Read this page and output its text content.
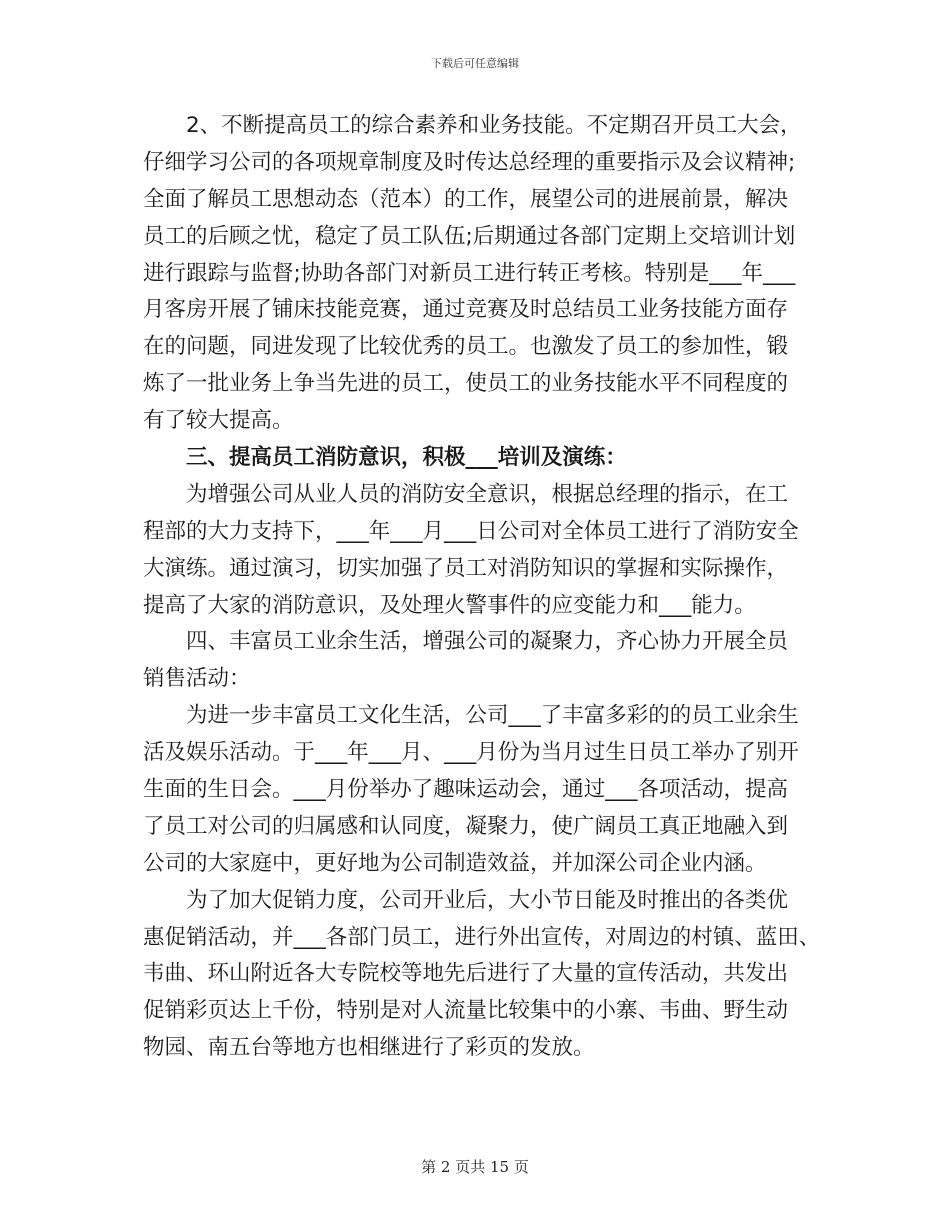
下载后可任意编辑
2、不断提高员工的综合素养和业务技能。不定期召开员工大会，
仔细学习公司的各项规章制度及时传达总经理的重要指示及会议精神;
全面了解员工思想动态（范本）的工作，展望公司的进展前景，解决
员工的后顾之忧，稳定了员工队伍;后期通过各部门定期上交培训计划
进行跟踪与监督;协助各部门对新员工进行转正考核。特别是___年___
月客房开展了铺床技能竞赛，通过竞赛及时总结员工业务技能方面存
在的问题，同进发现了比较优秀的员工。也激发了员工的参加性，锻
炼了一批业务上争当先进的员工，使员工的业务技能水平不同程度的
有了较大提高。
三、提高员工消防意识，积极___培训及演练：
为增强公司从业人员的消防安全意识，根据总经理的指示，在工
程部的大力支持下，___年___月___日公司对全体员工进行了消防安全
大演练。通过演习，切实加强了员工对消防知识的掌握和实际操作，
提高了大家的消防意识，及处理火警事件的应变能力和___能力。
四、丰富员工业余生活，增强公司的凝聚力，齐心协力开展全员
销售活动：
为进一步丰富员工文化生活，公司___了丰富多彩的的员工业余生
活及娱乐活动。于___年___月、___月份为当月过生日员工举办了别开
生面的生日会。___月份举办了趣味运动会，通过___各项活动，提高
了员工对公司的归属感和认同度，凝聚力，使广阔员工真正地融入到
公司的大家庭中，更好地为公司制造效益，并加深公司企业内涵。
为了加大促销力度，公司开业后，大小节日能及时推出的各类优
惠促销活动，并___各部门员工，进行外出宣传，对周边的村镇、蓝田、
韦曲、环山附近各大专院校等地先后进行了大量的宣传活动，共发出
促销彩页达上千份，特别是对人流量比较集中的小寨、韦曲、野生动
物园、南五台等地方也相继进行了彩页的发放。
第 2 页共 15 页
